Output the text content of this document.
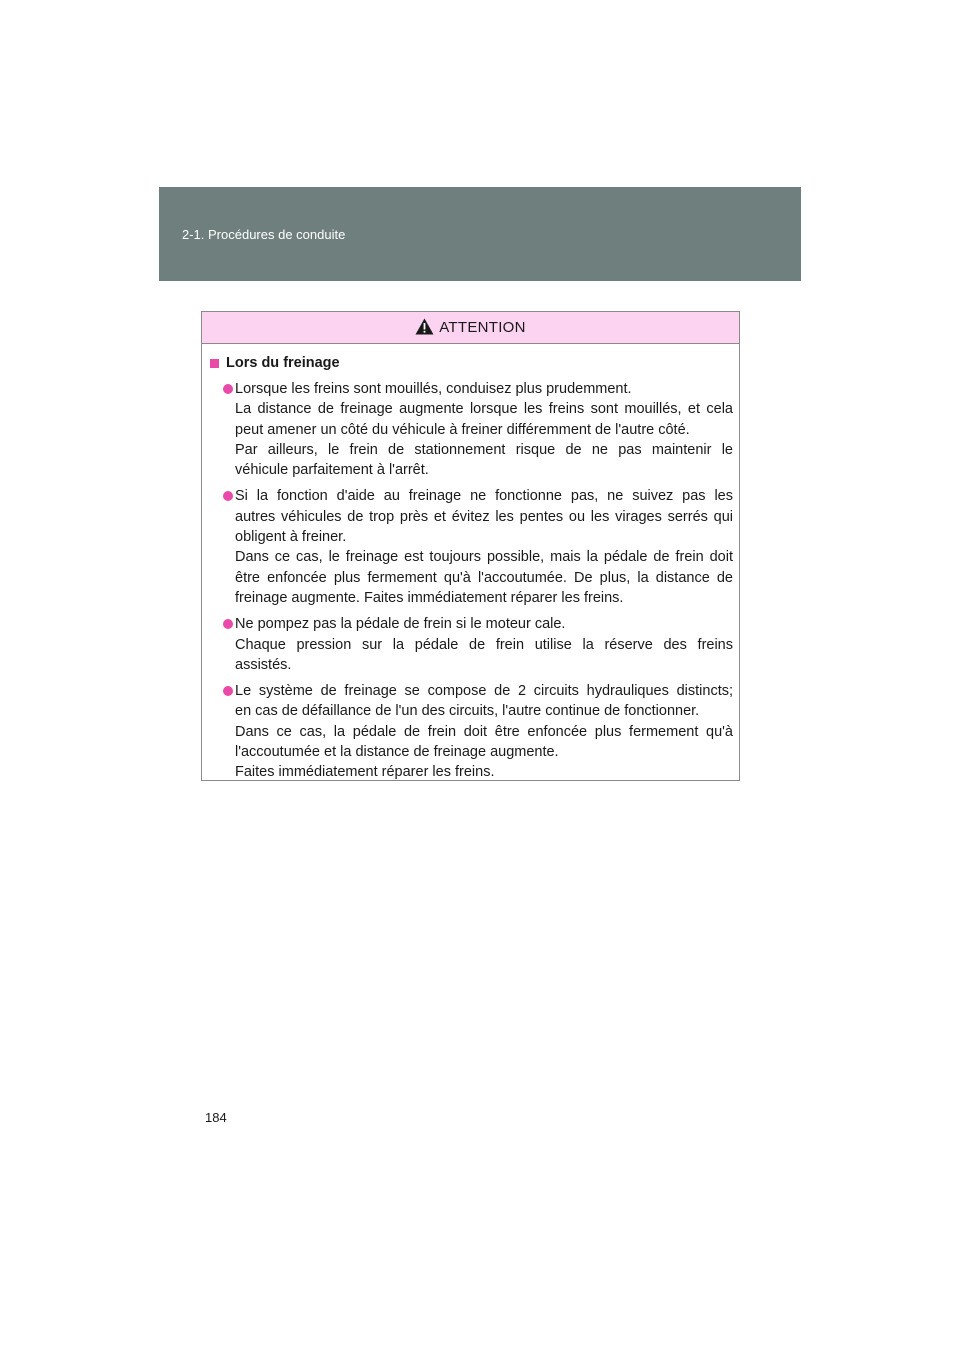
2-1. Procédures de conduite
ATTENTION
Lors du freinage
Lorsque les freins sont mouillés, conduisez plus prudemment.
La distance de freinage augmente lorsque les freins sont mouillés, et cela
peut amener un côté du véhicule à freiner différemment de l'autre côté.
Par ailleurs, le frein de stationnement risque de ne pas maintenir le
véhicule parfaitement à l'arrêt.
Si la fonction d'aide au freinage ne fonctionne pas, ne suivez pas les
autres véhicules de trop près et évitez les pentes ou les virages serrés qui
obligent à freiner.
Dans ce cas, le freinage est toujours possible, mais la pédale de frein doit
être enfoncée plus fermement qu'à l'accoutumée. De plus, la distance de
freinage augmente. Faites immédiatement réparer les freins.
Ne pompez pas la pédale de frein si le moteur cale.
Chaque pression sur la pédale de frein utilise la réserve des freins
assistés.
Le système de freinage se compose de 2 circuits hydrauliques distincts;
en cas de défaillance de l'un des circuits, l'autre continue de fonctionner.
Dans ce cas, la pédale de frein doit être enfoncée plus fermement qu'à
l'accoutumée et la distance de freinage augmente.
Faites immédiatement réparer les freins.
184
